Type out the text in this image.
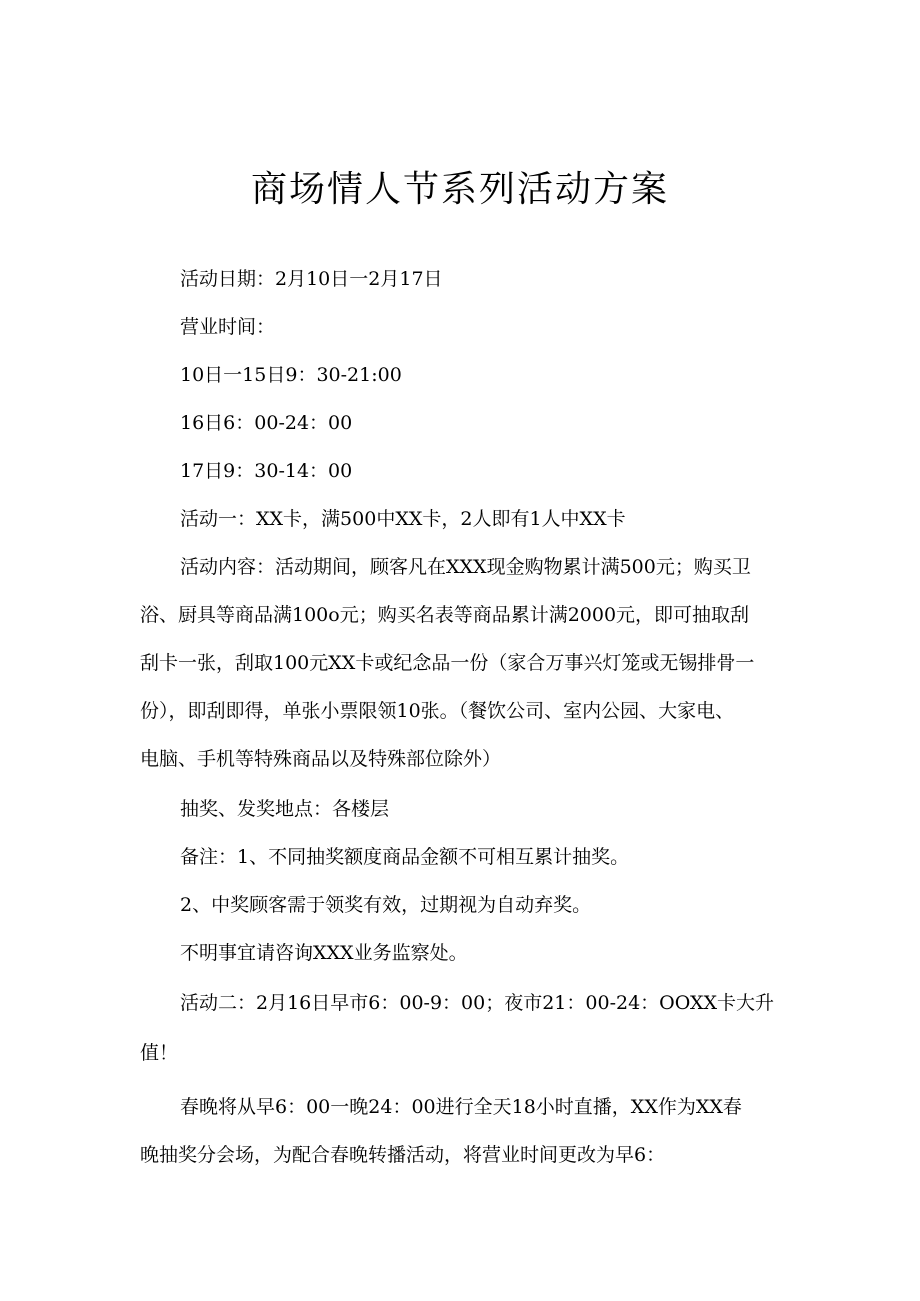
商场情人节系列活动方案

活动日期：2月10日一2月17日

营业时间：

10日一15日9：30-21:00

16日6：00-24：00

17日9：30-14：00

活动一：XX卡，满500中XX卡，2人即有1人中XX卡

活动内容：活动期间，顾客凡在XXX现金购物累计满500元；购买卫

浴、厨具等商品满100o元；购买名表等商品累计满2000元，即可抽取刮

刮卡一张，刮取100元XX卡或纪念品一份（家合万事兴灯笼或无锡排骨一

份），即刮即得，单张小票限领10张。（餐饮公司、室内公园、大家电、

电脑、手机等特殊商品以及特殊部位除外）

抽奖、发奖地点：各楼层

备注：1、不同抽奖额度商品金额不可相互累计抽奖。

2、中奖顾客需于领奖有效，过期视为自动弃奖。

不明事宜请咨询XXX业务监察处。

活动二：2月16日早市6：00-9：00；夜市21：00-24：OOXX卡大升

值！

春晚将从早6：00一晚24：00进行全天18小时直播，XX作为XX春

晚抽奖分会场，为配合春晚转播活动，将营业时间更改为早6：
